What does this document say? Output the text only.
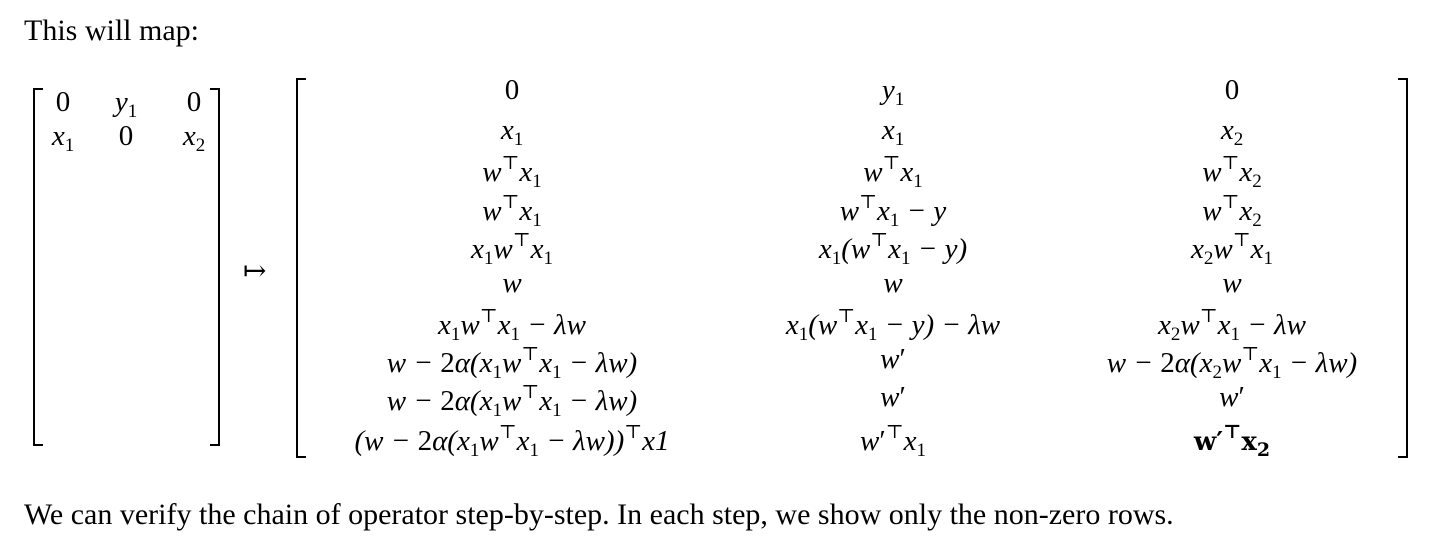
This will map:
↦
0 $y_1$ 0
$x_1$ 0 $x_2$
0	$y_1$	0
$x_1$	$x_1$	$x_2$
$w^⊤x_1$	$w^⊤x_1$	$w^⊤x_2$
$w^⊤x_1$	$w^⊤x_1 - y$	$w^⊤x_2$
$x_1w^⊤x_1$	$x_1(w^⊤x_1 - y)$	$x_2w^⊤x_1$
w	w	w
$x_1w^⊤x_1 - \lambda w$	$x_1(w^⊤x_1 - y) - \lambda w$	$x_2w^⊤x_1 - \lambda w$
$w - 2\alpha(x_1w^⊤x_1 - \lambda w)$	w′	$w - 2\alpha(x_2w^⊤x_1 - \lambda w)$
$w - 2\alpha(x_1w^⊤x_1 - \lambda w)$	w′	w′
$(w - 2\alpha(x_1w^⊤x_1 - \lambda w))^⊤x1$	$w'^⊤x_1$	$w'^⊤x_2$
We can verify the chain of operator step-by-step. In each step, we show only the non-zero rows.
